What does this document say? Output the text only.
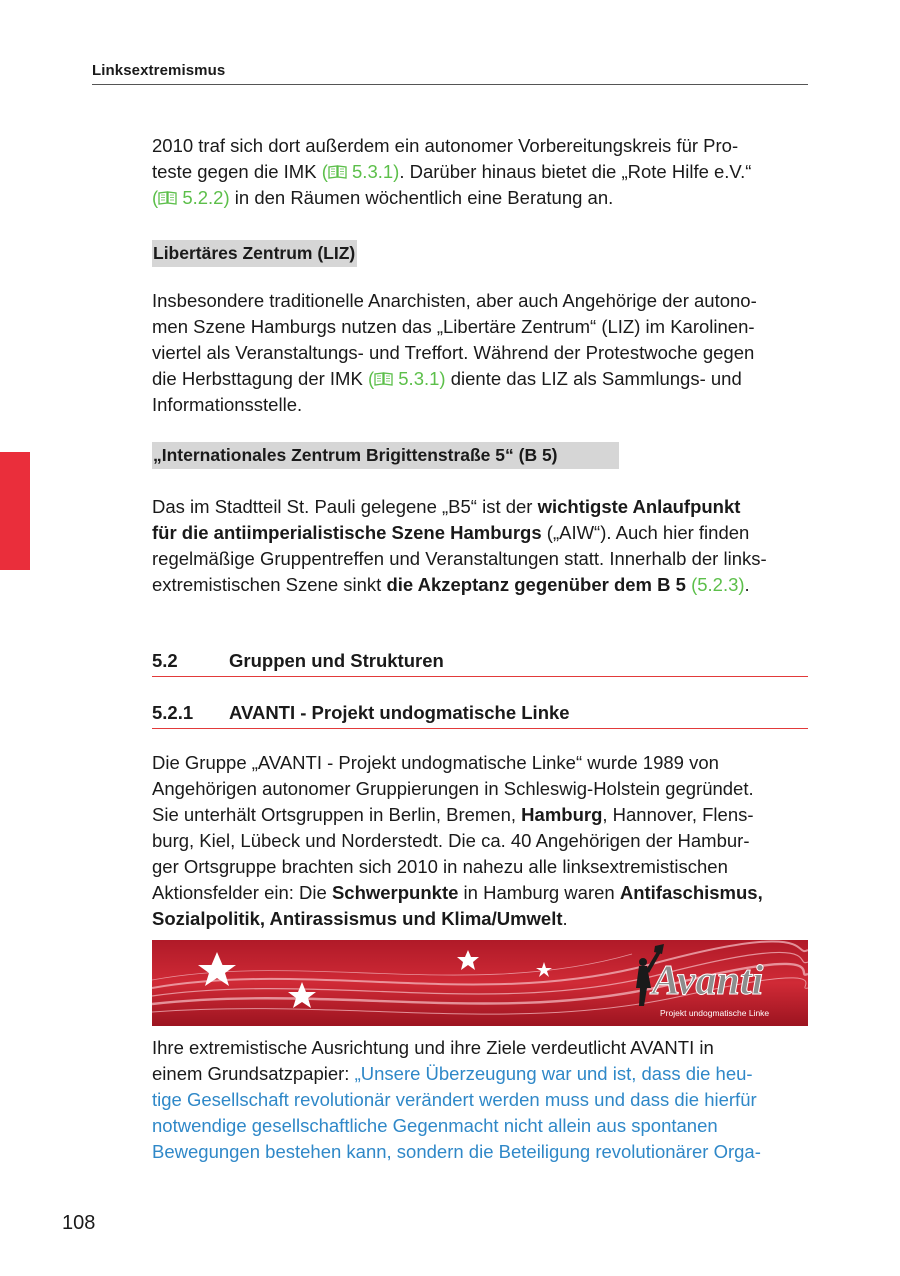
Linksextremismus

2010 traf sich dort außerdem ein autonomer Vorbereitungskreis für Pro-
teste gegen die IMK ( 5.3.1). Darüber hinaus bietet die „Rote Hilfe e.V.“
( 5.2.2) in den Räumen wöchentlich eine Beratung an.

Libertäres Zentrum (LIZ)

Insbesondere traditionelle Anarchisten, aber auch Angehörige der autono-
men Szene Hamburgs nutzen das „Libertäre Zentrum“ (LIZ) im Karolinen-
viertel als Veranstaltungs- und Treffort. Während der Protestwoche gegen
die Herbsttagung der IMK ( 5.3.1) diente das LIZ als Sammlungs- und
Informationsstelle.

„Internationales Zentrum Brigittenstraße 5“ (B 5)

Das im Stadtteil St. Pauli gelegene „B5“ ist der wichtigste Anlaufpunkt
für die antiimperialistische Szene Hamburgs („AIW“). Auch hier finden
regelmäßige Gruppentreffen und Veranstaltungen statt. Innerhalb der links-
extremistischen Szene sinkt die Akzeptanz gegenüber dem B 5 (5.2.3).

5.2	Gruppen und Strukturen
5.2.1 AVANTI - Projekt undogmatische Linke

Die Gruppe „AVANTI - Projekt undogmatische Linke“ wurde 1989 von
Angehörigen autonomer Gruppierungen in Schleswig-Holstein gegründet.
Sie unterhält Ortsgruppen in Berlin, Bremen, Hamburg, Hannover, Flens-
burg, Kiel, Lübeck und Norderstedt. Die ca. 40 Angehörigen der Hambur-
ger Ortsgruppe brachten sich 2010 in nahezu alle linksextremistischen
Aktionsfelder ein: Die Schwerpunkte in Hamburg waren Antifaschismus,
Sozialpolitik, Antirassismus und Klima/Umwelt.

Avanti
Projekt undogmatische Linke

Ihre extremistische Ausrichtung und ihre Ziele verdeutlicht AVANTI in
einem Grundsatzpapier: „Unsere Überzeugung war und ist, dass die heu-
tige Gesellschaft revolutionär verändert werden muss und dass die hierfür
notwendige gesellschaftliche Gegenmacht nicht allein aus spontanen
Bewegungen bestehen kann, sondern die Beteiligung revolutionärer Orga-

108
